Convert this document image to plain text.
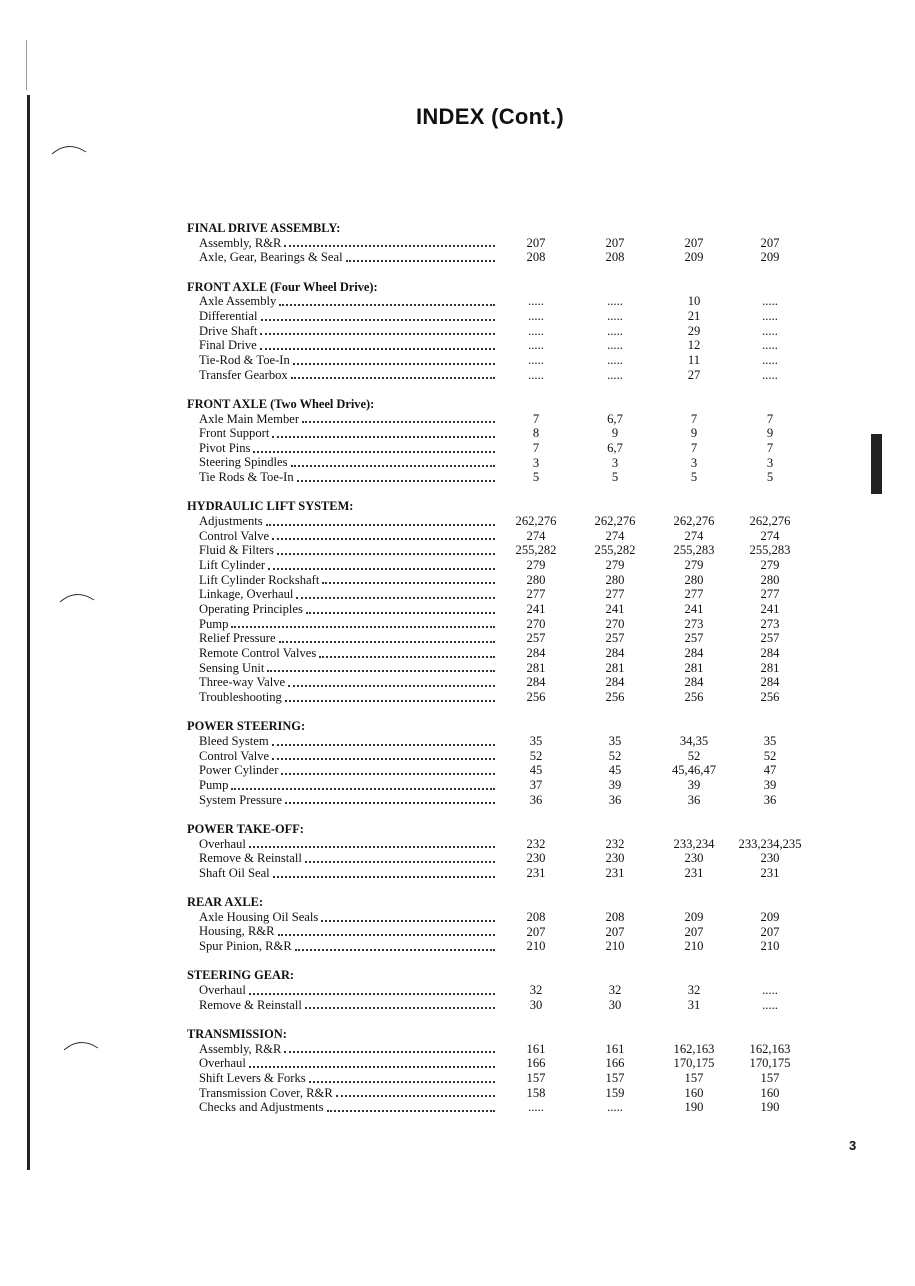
INDEX (Cont.)
FINAL DRIVE ASSEMBLY:
Assembly, R&R	207	207	207	207
Axle, Gear, Bearings & Seal	208	208	209	209
FRONT AXLE (Four Wheel Drive):
Axle Assembly	.....	.....	10	.....
Differential	.....	.....	21	.....
Drive Shaft	.....	.....	29	.....
Final Drive	.....	.....	12	.....
Tie-Rod & Toe-In	.....	.....	11	.....
Transfer Gearbox	.....	.....	27	.....
FRONT AXLE (Two Wheel Drive):
Axle Main Member	7	6,7	7	7
Front Support	8	9	9	9
Pivot Pins	7	6,7	7	7
Steering Spindles	3	3	3	3
Tie Rods & Toe-In	5	5	5	5
HYDRAULIC LIFT SYSTEM:
Adjustments	262,276	262,276	262,276	262,276
Control Valve	274	274	274	274
Fluid & Filters	255,282	255,282	255,283	255,283
Lift Cylinder	279	279	279	279
Lift Cylinder Rockshaft	280	280	280	280
Linkage, Overhaul	277	277	277	277
Operating Principles	241	241	241	241
Pump	270	270	273	273
Relief Pressure	257	257	257	257
Remote Control Valves	284	284	284	284
Sensing Unit	281	281	281	281
Three-way Valve	284	284	284	284
Troubleshooting	256	256	256	256
POWER STEERING:
Bleed System	35	35	34,35	35
Control Valve	52	52	52	52
Power Cylinder	45	45	45,46,47	47
Pump	37	39	39	39
System Pressure	36	36	36	36
POWER TAKE-OFF:
Overhaul	232	232	233,234	233,234,235
Remove & Reinstall	230	230	230	230
Shaft Oil Seal	231	231	231	231
REAR AXLE:
Axle Housing Oil Seals	208	208	209	209
Housing, R&R	207	207	207	207
Spur Pinion, R&R	210	210	210	210
STEERING GEAR:
Overhaul	32	32	32	.....
Remove & Reinstall	30	30	31	.....
TRANSMISSION:
Assembly, R&R	161	161	162,163	162,163
Overhaul	166	166	170,175	170,175
Shift Levers & Forks	157	157	157	157
Transmission Cover, R&R	158	159	160	160
Checks and Adjustments	.....	.....	190	190
3
